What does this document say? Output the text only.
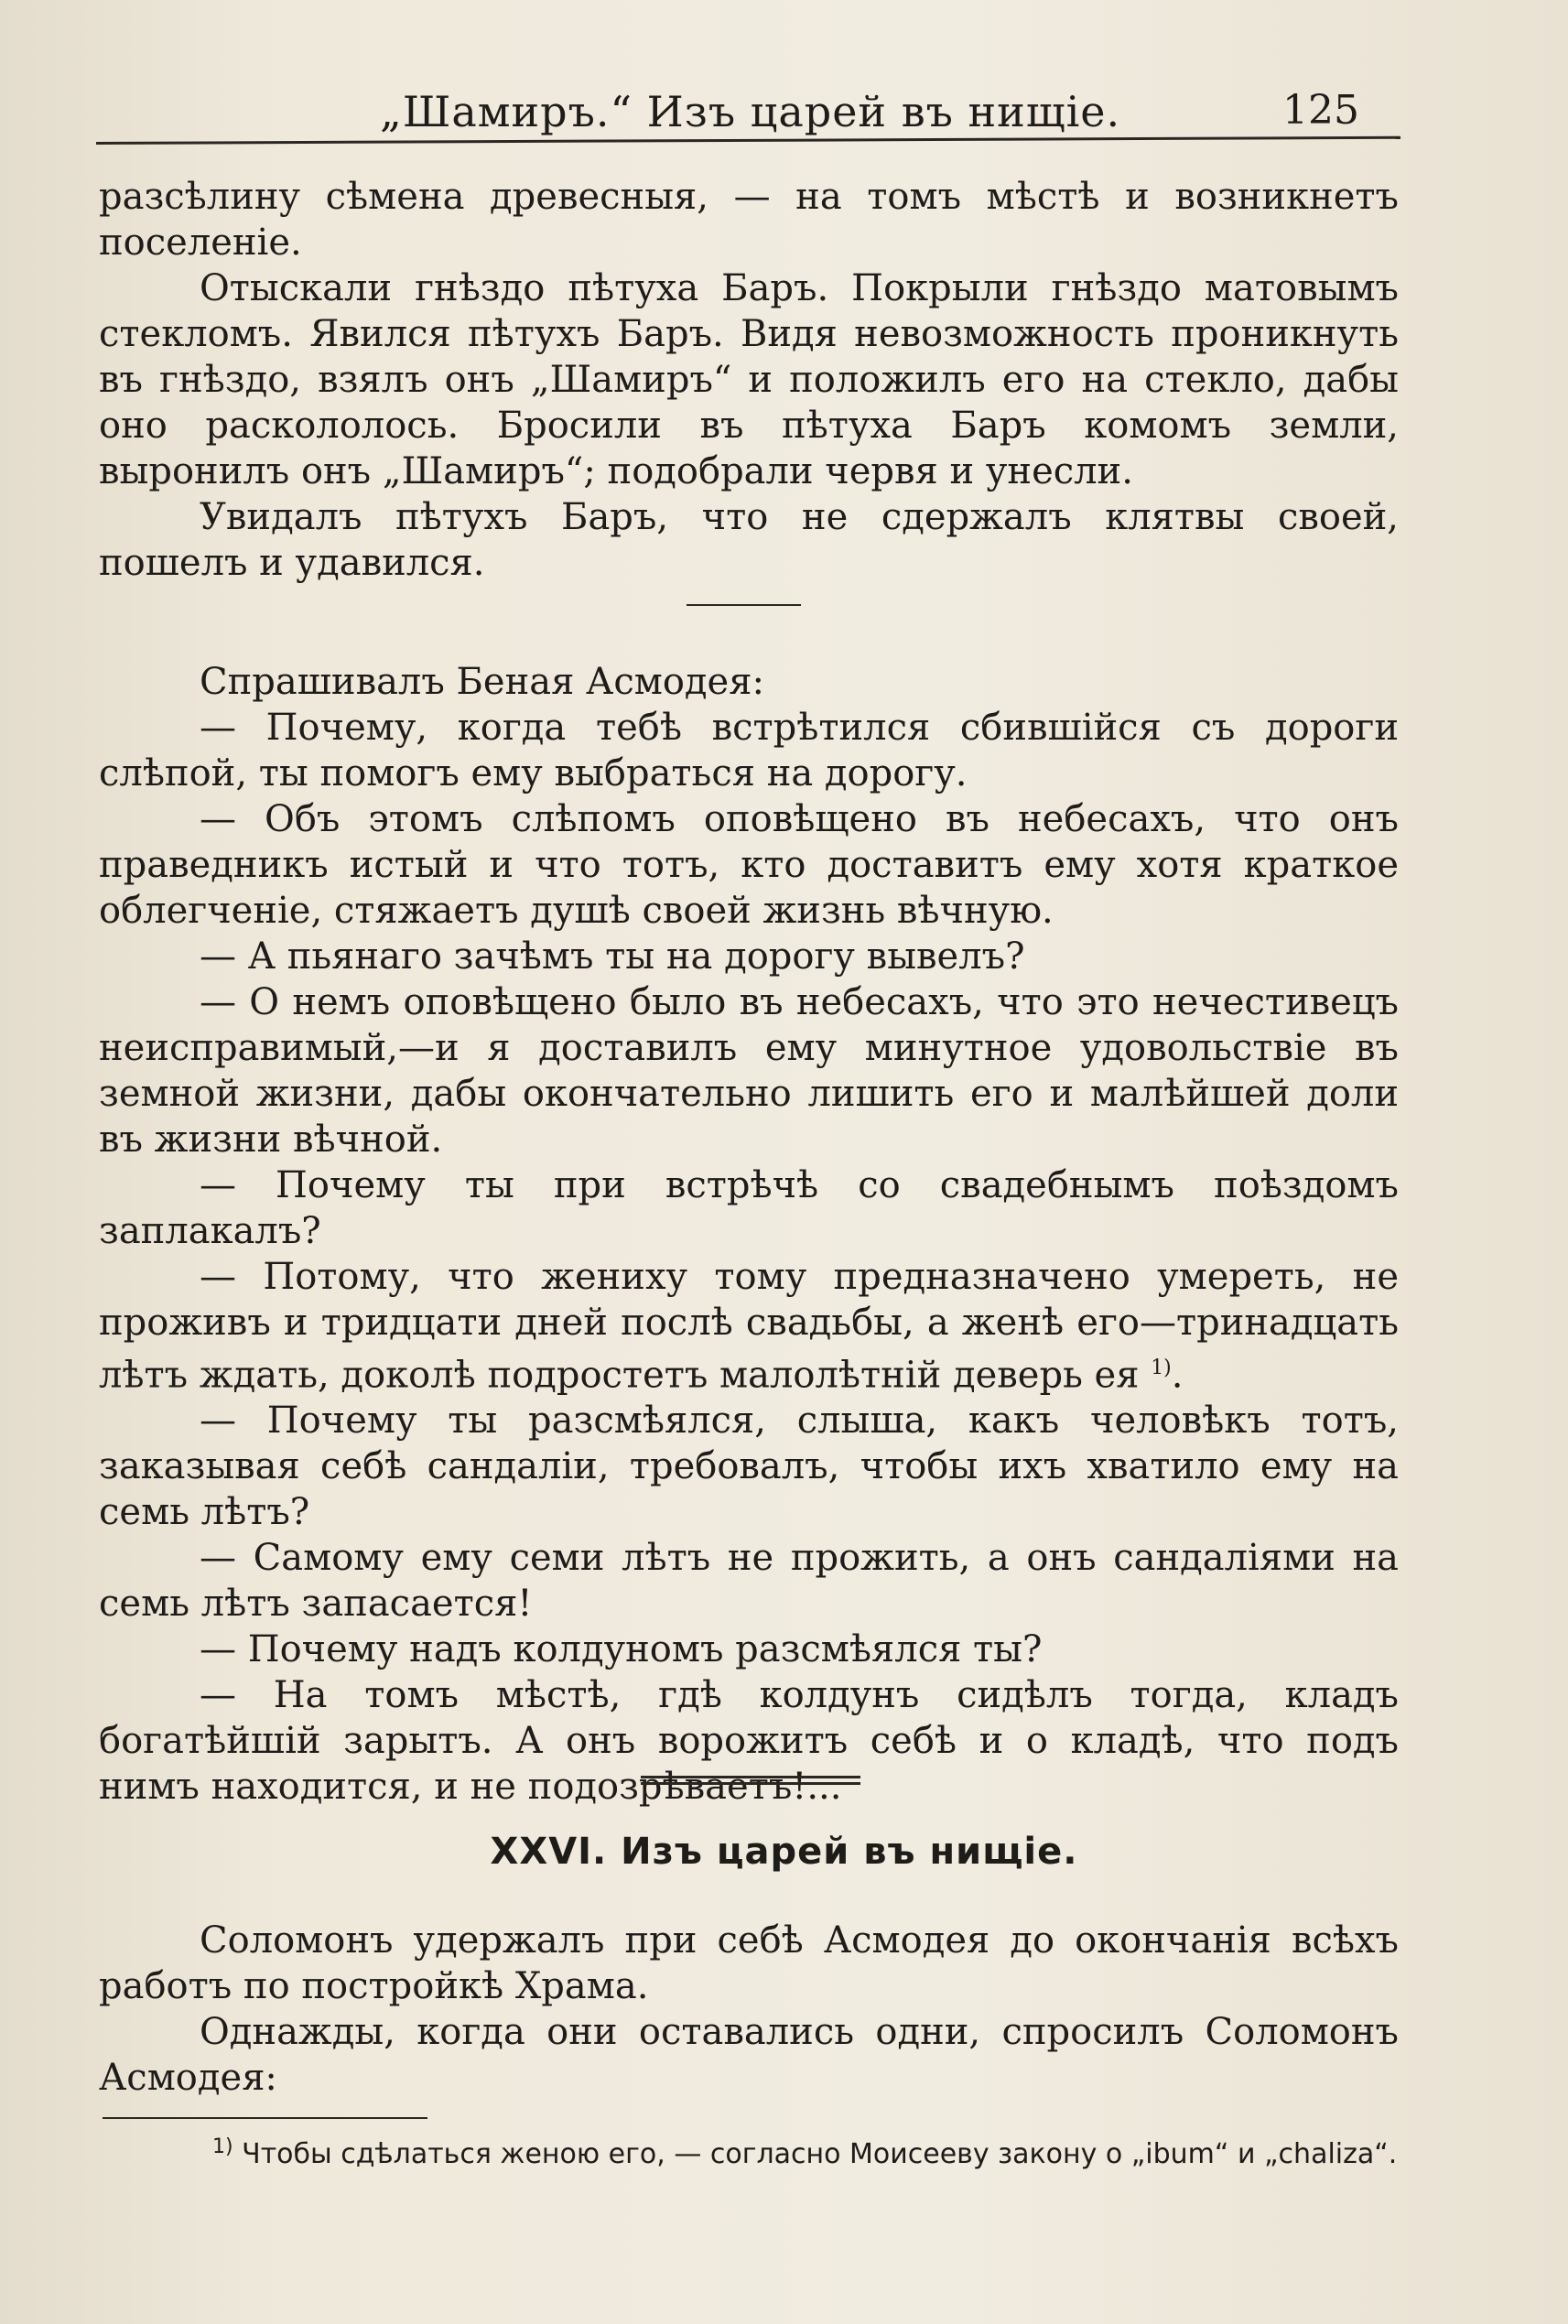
„Шамиръ.“ Изъ царей въ нищіе.	125

разсѣлину сѣмена древесныя, — на томъ мѣстѣ и возникнетъ поселеніе.

Отыскали гнѣздо пѣтуха Баръ. Покрыли гнѣздо матовымъ стекломъ. Явился пѣтухъ Баръ. Видя невозможность проникнуть въ гнѣздо, взялъ онъ „Шамиръ“ и положилъ его на стекло, дабы оно раскололось. Бросили въ пѣтуха Баръ комомъ земли, выронилъ онъ „Шамиръ“; подобрали червя и унесли.

Увидалъ пѣтухъ Баръ, что не сдержалъ клятвы своей, пошелъ и удавился.

Спрашивалъ Беная Асмодея:

— Почему, когда тебѣ встрѣтился сбившійся съ дороги слѣпой, ты помогъ ему выбраться на дорогу.

— Объ этомъ слѣпомъ оповѣщено въ небесахъ, что онъ праведникъ истый и что тотъ, кто доставитъ ему хотя краткое облегченіе, стяжаетъ душѣ своей жизнь вѣчную.

— А пьянаго зачѣмъ ты на дорогу вывелъ?

— О немъ оповѣщено было въ небесахъ, что это нечестивецъ неисправимый,—и я доставилъ ему минутное удовольствіе въ земной жизни, дабы окончательно лишить его и малѣйшей доли въ жизни вѣчной.

— Почему ты при встрѣчѣ со свадебнымъ поѣздомъ заплакалъ?

— Потому, что жениху тому предназначено умереть, не проживъ и тридцати дней послѣ свадьбы, а женѣ его—тринадцать лѣтъ ждать, доколѣ подростетъ малолѣтній деверь ея $^{1)}$.

— Почему ты разсмѣялся, слыша, какъ человѣкъ тотъ, заказывая себѣ сандаліи, требовалъ, чтобы ихъ хватило ему на семь лѣтъ?

— Самому ему семи лѣтъ не прожить, а онъ сандаліями на семь лѣтъ запасается!

— Почему надъ колдуномъ разсмѣялся ты?

— На томъ мѣстѣ, гдѣ колдунъ сидѣлъ тогда, кладъ богатѣйшій зарытъ. А онъ ворожитъ себѣ и о кладѣ, что подъ нимъ находится, и не подозрѣваетъ!...

XXVI. Изъ царей въ нищіе.

Соломонъ удержалъ при себѣ Асмодея до окончанія всѣхъ работъ по постройкѣ Храма.

Однажды, когда они оставались одни, спросилъ Соломонъ Асмодея:

$^{1)}$ Чтобы сдѣлаться женою его, — согласно Моисееву закону о „ibum“ и „chaliza“.
